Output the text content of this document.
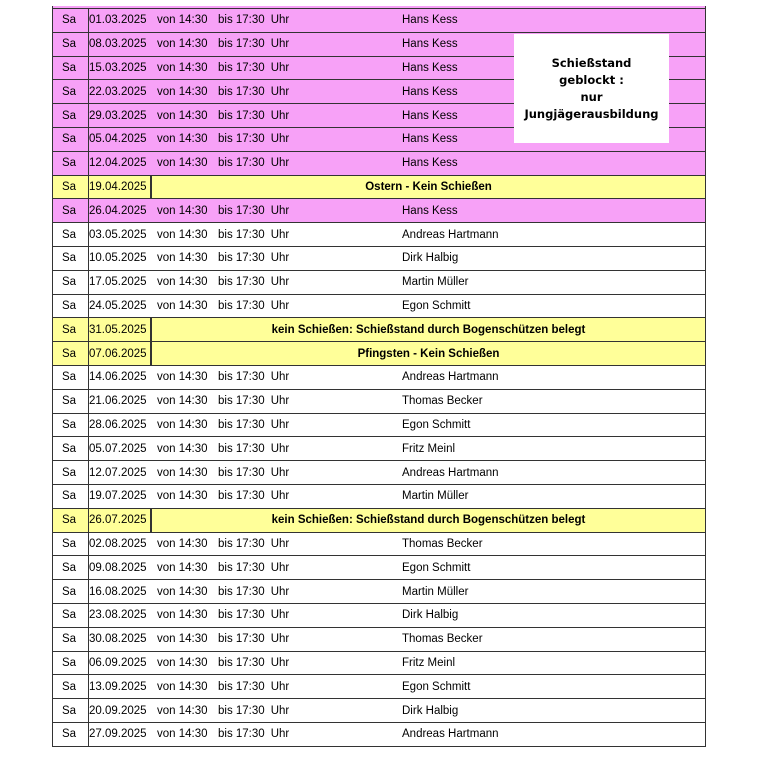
Sa	01.03.2025 von 14:30 bis 17:30 Uhr	Hans Kess
Sa	08.03.2025 von 14:30 bis 17:30 Uhr	Hans Kess
Sa	15.03.2025 von 14:30 bis 17:30 Uhr	Hans Kess
Sa	22.03.2025 von 14:30 bis 17:30 Uhr	Hans Kess
Sa	29.03.2025 von 14:30 bis 17:30 Uhr	Hans Kess
Sa	05.04.2025 von 14:30 bis 17:30 Uhr	Hans Kess
Sa	12.04.2025 von 14:30 bis 17:30 Uhr	Hans Kess
Sa	19.04.2025	Ostern - Kein Schießen
Sa	26.04.2025 von 14:30 bis 17:30 Uhr	Hans Kess
Sa	03.05.2025 von 14:30 bis 17:30 Uhr	Andreas Hartmann
Sa	10.05.2025 von 14:30 bis 17:30 Uhr	Dirk Halbig
Sa	17.05.2025 von 14:30 bis 17:30 Uhr	Martin Müller
Sa	24.05.2025 von 14:30 bis 17:30 Uhr	Egon Schmitt
Sa	31.05.2025	kein Schießen: Schießstand durch Bogenschützen belegt
Sa	07.06.2025	Pfingsten - Kein Schießen
Sa	14.06.2025 von 14:30 bis 17:30 Uhr	Andreas Hartmann
Sa	21.06.2025 von 14:30 bis 17:30 Uhr	Thomas Becker
Sa	28.06.2025 von 14:30 bis 17:30 Uhr	Egon Schmitt
Sa	05.07.2025 von 14:30 bis 17:30 Uhr	Fritz Meinl
Sa	12.07.2025 von 14:30 bis 17:30 Uhr	Andreas Hartmann
Sa	19.07.2025 von 14:30 bis 17:30 Uhr	Martin Müller
Sa	26.07.2025	kein Schießen: Schießstand durch Bogenschützen belegt
Sa	02.08.2025 von 14:30 bis 17:30 Uhr	Thomas Becker
Sa	09.08.2025 von 14:30 bis 17:30 Uhr	Egon Schmitt
Sa	16.08.2025 von 14:30 bis 17:30 Uhr	Martin Müller
Sa	23.08.2025 von 14:30 bis 17:30 Uhr	Dirk Halbig
Sa	30.08.2025 von 14:30 bis 17:30 Uhr	Thomas Becker
Sa	06.09.2025 von 14:30 bis 17:30 Uhr	Fritz Meinl
Sa	13.09.2025 von 14:30 bis 17:30 Uhr	Egon Schmitt
Sa	20.09.2025 von 14:30 bis 17:30 Uhr	Dirk Halbig
Sa	27.09.2025 von 14:30 bis 17:30 Uhr	Andreas Hartmann
Schießstand
geblockt :
nur
Jungjägerausbildung
